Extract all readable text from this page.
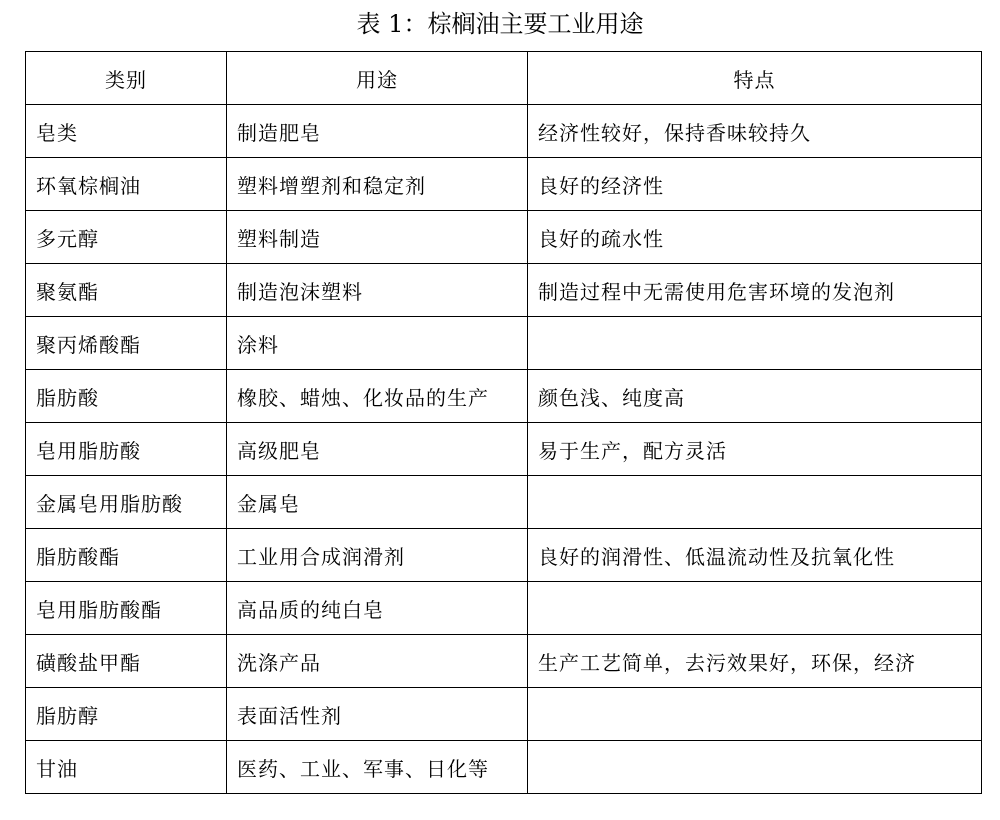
表 1：棕榈油主要工业用途
类别	用途	特点
皂类	制造肥皂	经济性较好，保持香味较持久
环氧棕榈油	塑料增塑剂和稳定剂	良好的经济性
多元醇	塑料制造	良好的疏水性
聚氨酯	制造泡沫塑料	制造过程中无需使用危害环境的发泡剂
聚丙烯酸酯	涂料	
脂肪酸	橡胶、蜡烛、化妆品的生产	颜色浅、纯度高
皂用脂肪酸	高级肥皂	易于生产，配方灵活
金属皂用脂肪酸	金属皂	
脂肪酸酯	工业用合成润滑剂	良好的润滑性、低温流动性及抗氧化性
皂用脂肪酸酯	高品质的纯白皂	
磺酸盐甲酯	洗涤产品	生产工艺简单，去污效果好，环保，经济
脂肪醇	表面活性剂	
甘油	医药、工业、军事、日化等	
